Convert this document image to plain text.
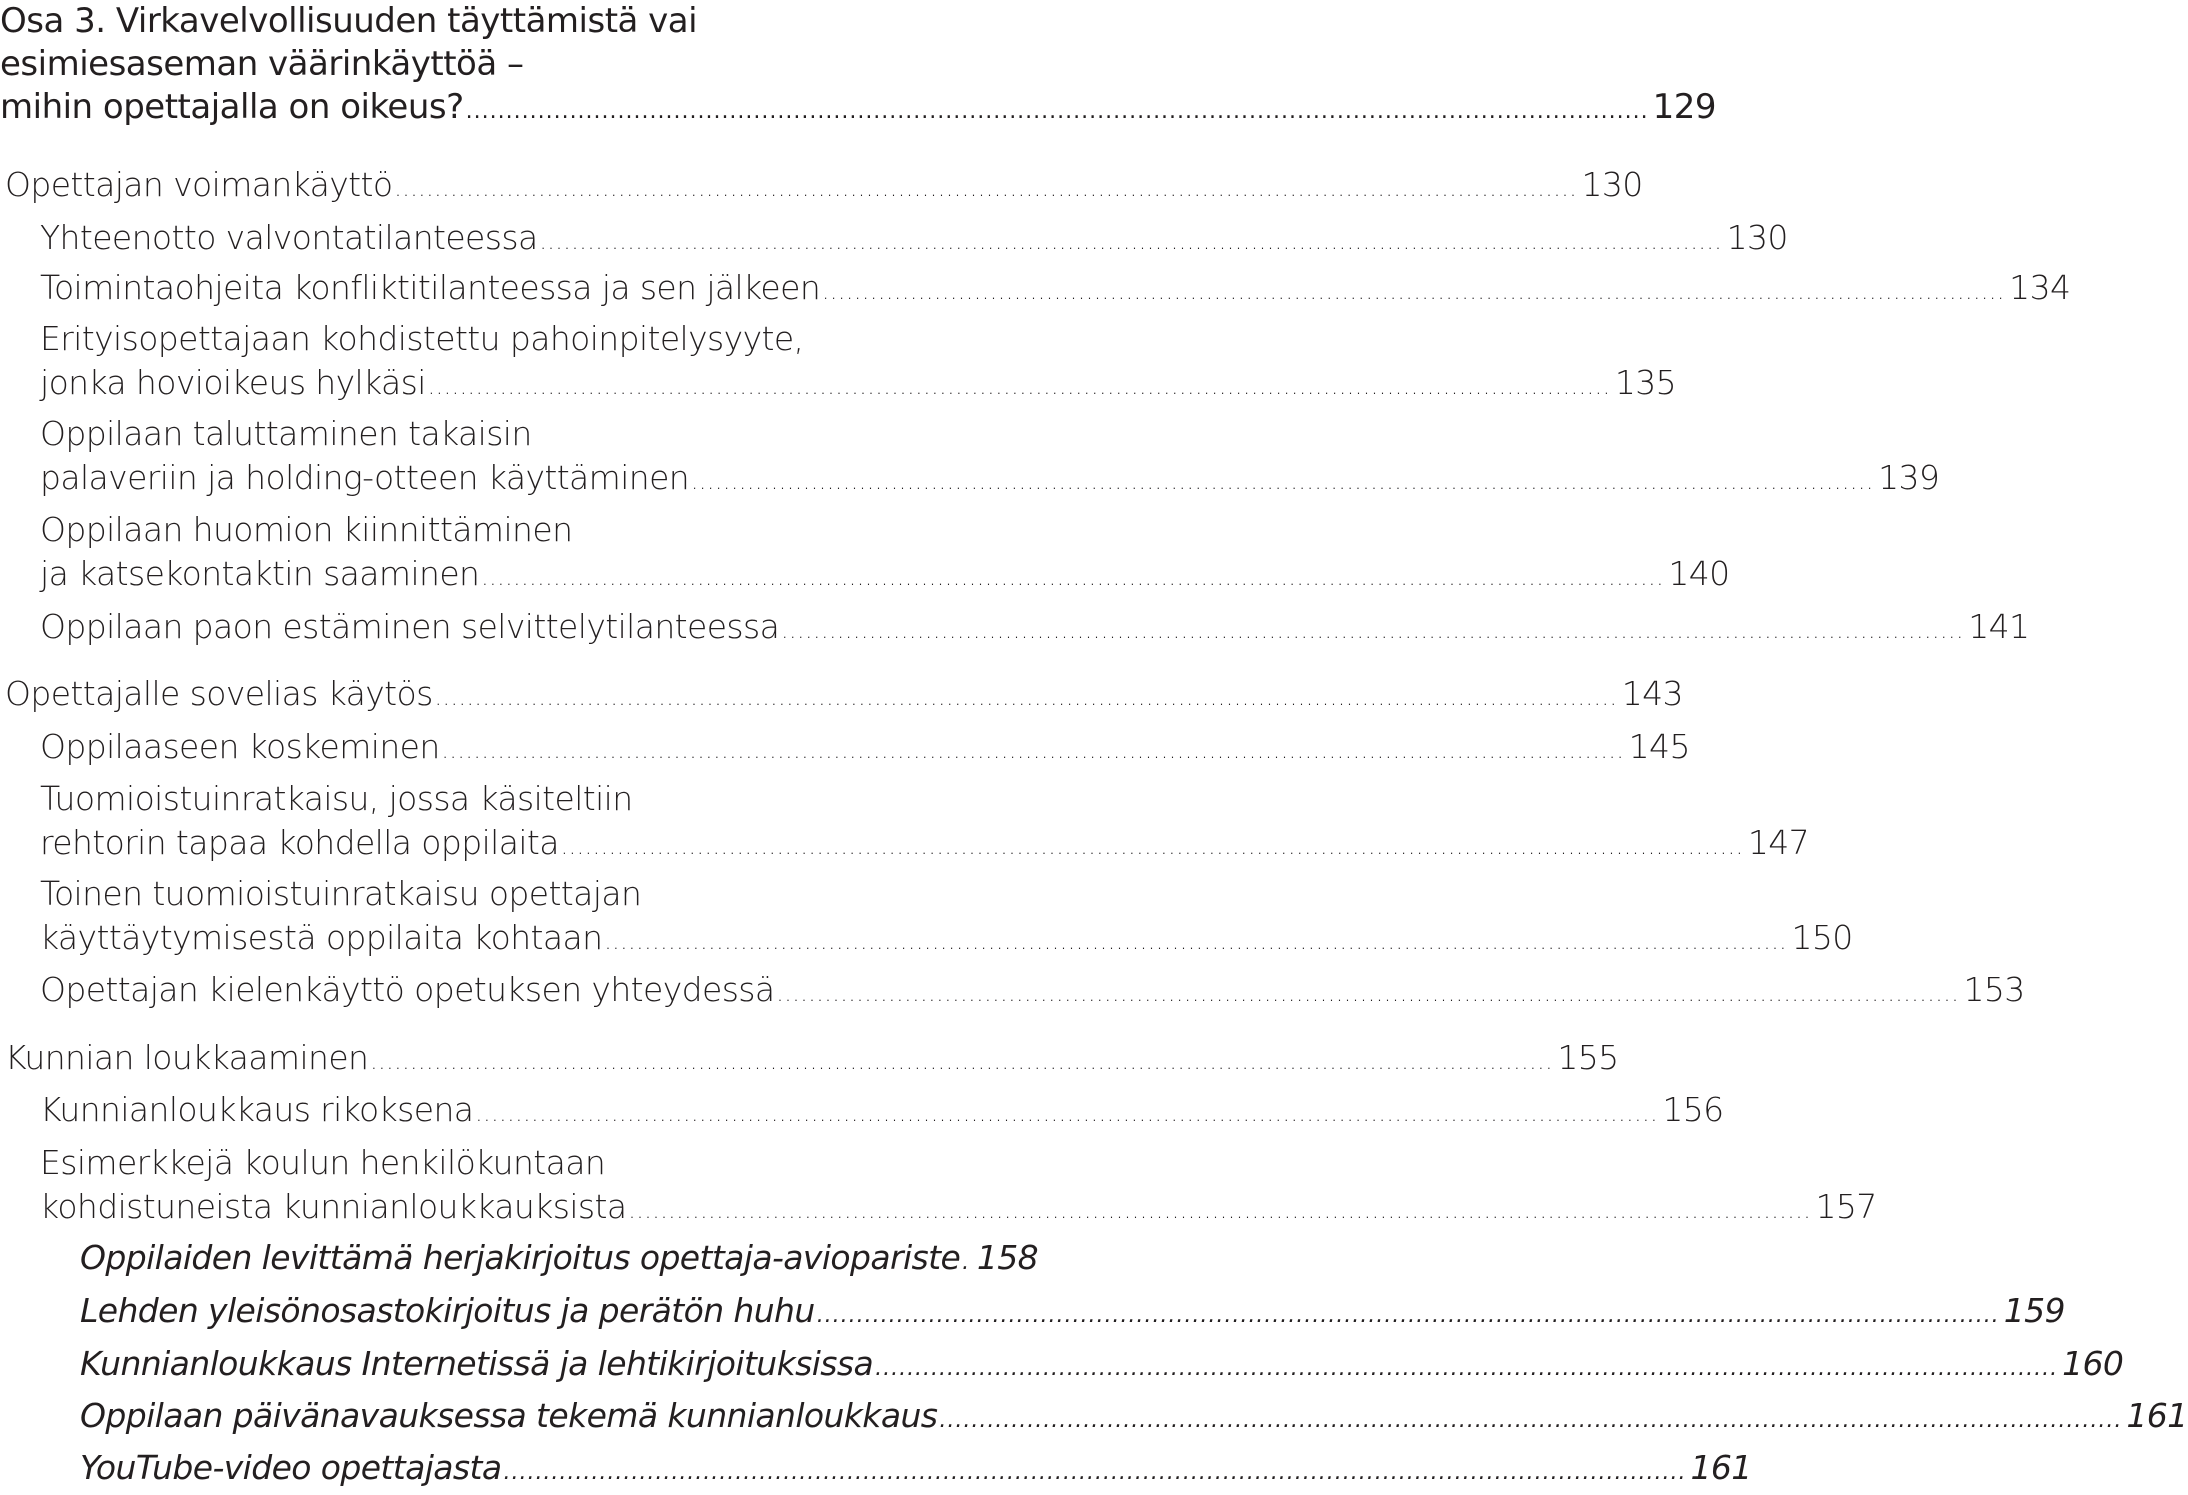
Osa 3. Virkavelvollisuuden täyttämistä vai
esimiesaseman väärinkäyttöä –
mihin opettajalla on oikeus? .................................................................................................................................................... 129
Opettajan voimankäyttö .................................................................................................................................................... 130
Yhteenotto valvontatilanteessa .................................................................................................................................................... 130
Toimintaohjeita konfliktitilanteessa ja sen jälkeen .................................................................................................................................................... 134
Erityisopettajaan kohdistettu pahoinpitelysyyte,
jonka hovioikeus hylkäsi .................................................................................................................................................... 135
Oppilaan taluttaminen takaisin
palaveriin ja holding-otteen käyttäminen .................................................................................................................................................... 139
Oppilaan huomion kiinnittäminen
ja katsekontaktin saaminen .................................................................................................................................................... 140
Oppilaan paon estäminen selvittelytilanteessa .................................................................................................................................................... 141
Opettajalle sovelias käytös .................................................................................................................................................... 143
Oppilaaseen koskeminen .................................................................................................................................................... 145
Tuomioistuinratkaisu, jossa käsiteltiin
rehtorin tapaa kohdella oppilaita .................................................................................................................................................... 147
Toinen tuomioistuinratkaisu opettajan
käyttäytymisestä oppilaita kohtaan .................................................................................................................................................... 150
Opettajan kielenkäyttö opetuksen yhteydessä .................................................................................................................................................... 153
Kunnian loukkaaminen .................................................................................................................................................... 155
Kunnianloukkaus rikoksena .................................................................................................................................................... 156
Esimerkkejä koulun henkilökuntaan
kohdistuneista kunnianloukkauksista .................................................................................................................................................... 157
Oppilaiden levittämä herjakirjoitus opettaja-aviopariste . 158
Lehden yleisönosastokirjoitus ja perätön huhu .................................................................................................................................................... 159
Kunnianloukkaus Internetissä ja lehtikirjoituksissa .................................................................................................................................................... 160
Oppilaan päivänavauksessa tekemä kunnianloukkaus .................................................................................................................................................... 161
YouTube-video opettajasta .................................................................................................................................................... 161
